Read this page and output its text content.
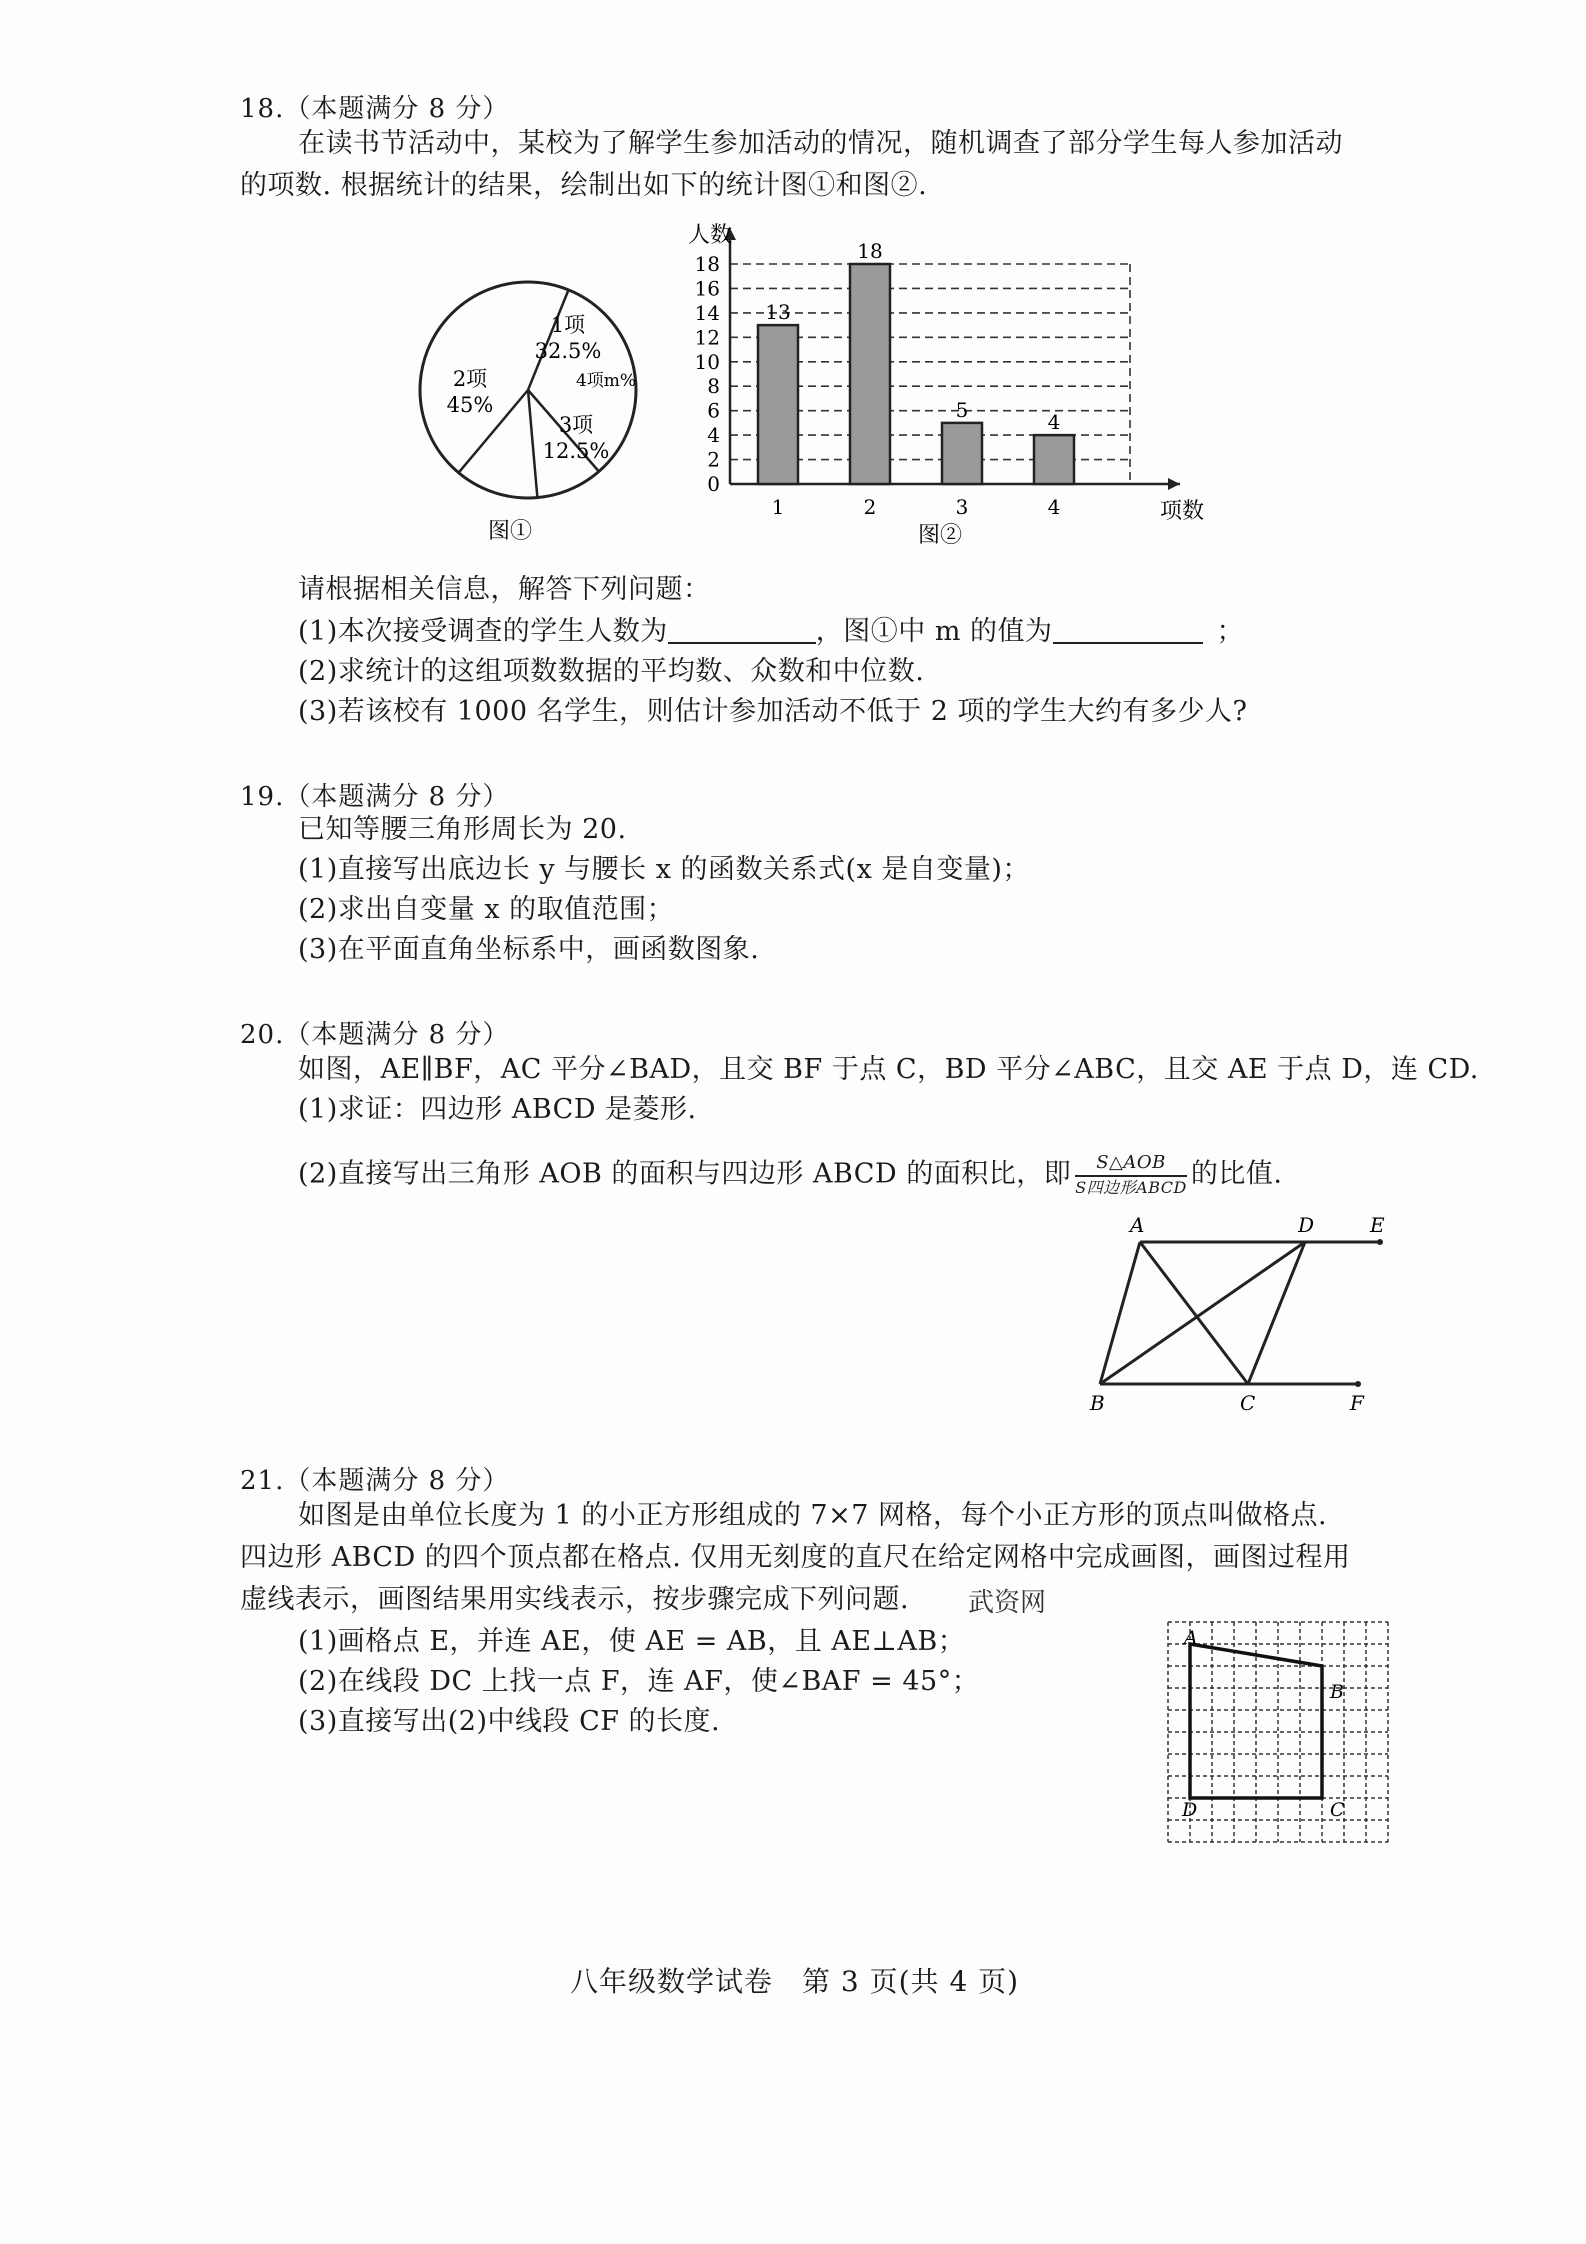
18.（本题满分 8 分）
在读书节活动中，某校为了解学生参加活动的情况，随机调查了部分学生每人参加活动
的项数. 根据统计的结果，绘制出如下的统计图①和图②.
1项
32.5%
4项m%
3项
12.5%
2项
45%
图①
0
2
4
6
8
10
12
14
16
18
13
1
18
2
5
3
4
4
人数
项数
图②
请根据相关信息，解答下列问题：
(1)本次接受调查的学生人数为	，图①中 m 的值为	；
(2)求统计的这组项数数据的平均数、众数和中位数.
(3)若该校有 1000 名学生，则估计参加活动不低于 2 项的学生大约有多少人?
19.（本题满分 8 分）
已知等腰三角形周长为 20.
(1)直接写出底边长 y 与腰长 x 的函数关系式(x 是自变量)；
(2)求出自变量 x 的取值范围；
(3)在平面直角坐标系中，画函数图象.
20.（本题满分 8 分）
如图，AE∥BF，AC 平分∠BAD，且交 BF 于点 C，BD 平分∠ABC，且交 AE 于点 D，连 CD.
(1)求证：四边形 ABCD 是菱形.
(2)直接写出三角形 AOB 的面积与四边形 ABCD 的面积比，即 $\frac{\text{S△AOB}}{\text{S四边形ABCD}}$ 的比值.
A	D	E
B	C	F
21.（本题满分 8 分）
如图是由单位长度为 1 的小正方形组成的 7×7 网格，每个小正方形的顶点叫做格点.
四边形 ABCD 的四个顶点都在格点. 仅用无刻度的直尺在给定网格中完成画图，画图过程用
虚线表示，画图结果用实线表示，按步骤完成下列问题. 武资网
(1)画格点 E，并连 AE，使 AE = AB，且 AE⊥AB；
(2)在线段 DC 上找一点 F，连 AF，使∠BAF = 45°；
(3)直接写出(2)中线段 CF 的长度.
A
B
C
D
八年级数学试卷　第 3 页(共 4 页)
